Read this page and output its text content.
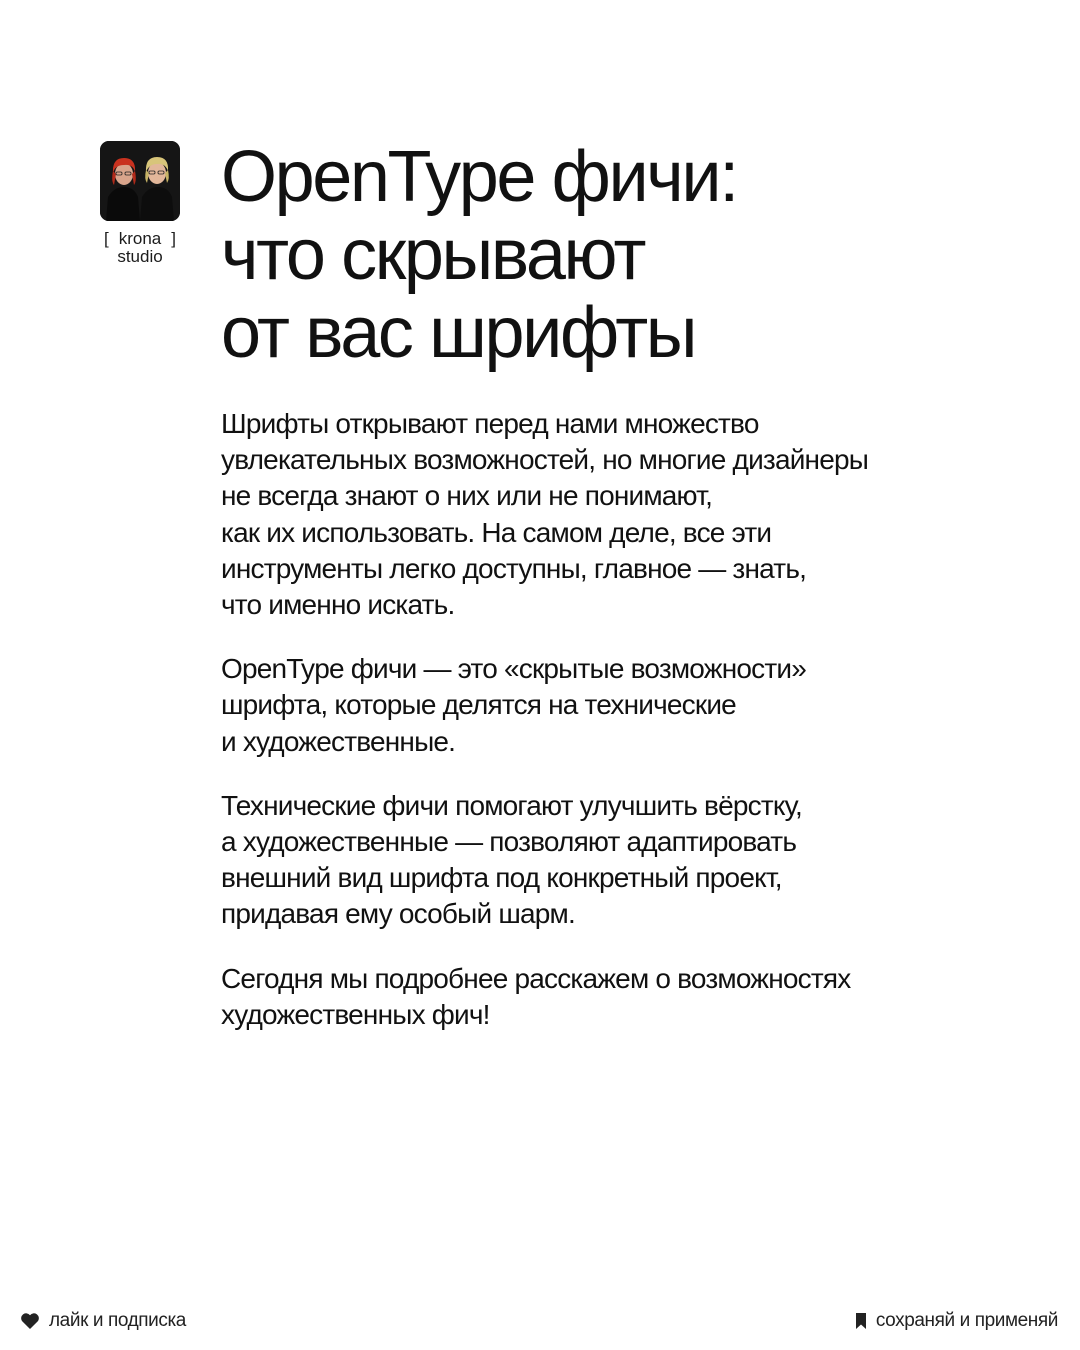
[ krona ]
studio
OpenType фичи:
что скрывают
от вас шрифты

Шрифты открывают перед нами множество
увлекательных возможностей, но многие дизайнеры
не всегда знают о них или не понимают,
как их использовать. На самом деле, все эти
инструменты легко доступны, главное — знать,
что именно искать.

OpenType фичи — это «скрытые возможности»
шрифта, которые делятся на технические
и художественные.

Технические фичи помогают улучшить вёрстку,
а художественные — позволяют адаптировать
внешний вид шрифта под конкретный проект,
придавая ему особый шарм.

Сегодня мы подробнее расскажем о возможностях
художественных фич!

лайк и подписка	сохраняй и применяй
